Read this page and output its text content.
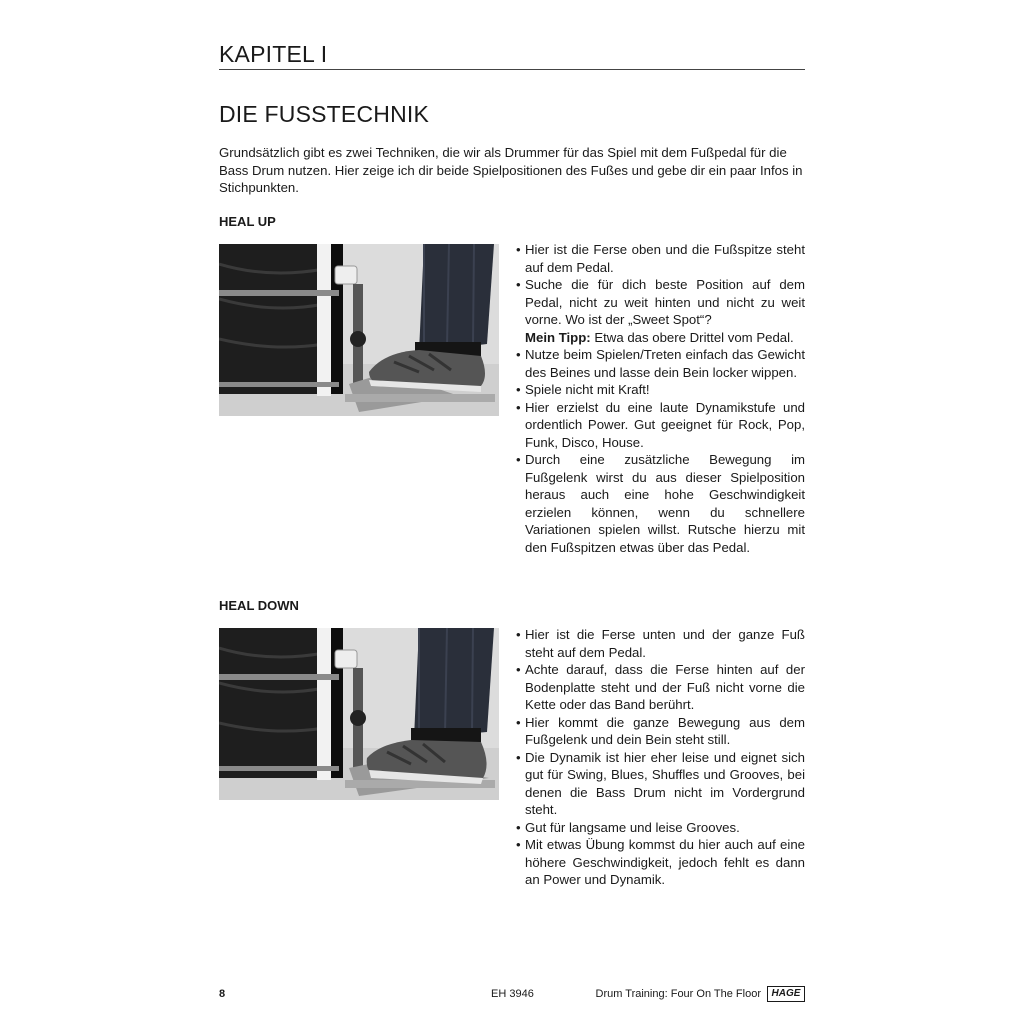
KAPITEL I
DIE FUSSTECHNIK
Grundsätzlich gibt es zwei Techniken, die wir als Drummer für das Spiel mit dem Fußpedal für die Bass Drum nutzen. Hier zeige ich dir beide Spielpositionen des Fußes und gebe dir ein paar Infos in Stichpunkten.
HEAL UP
• Hier ist die Ferse oben und die Fußspitze steht auf dem Pedal.
• Suche die für dich beste Position auf dem Pedal, nicht zu weit hinten und nicht zu weit vorne. Wo ist der „Sweet Spot“?
Mein Tipp: Etwa das obere Drittel vom Pedal.
• Nutze beim Spielen/Treten einfach das Gewicht des Beines und lasse dein Bein locker wippen.
• Spiele nicht mit Kraft!
• Hier erzielst du eine laute Dynamikstufe und ordentlich Power. Gut geeignet für Rock, Pop, Funk, Disco, House.
• Durch eine zusätzliche Bewegung im Fußgelenk wirst du aus dieser Spielposition heraus auch eine hohe Geschwindigkeit erzielen können, wenn du schnellere Variationen spielen willst. Rutsche hierzu mit den Fußspitzen etwas über das Pedal.
HEAL DOWN
• Hier ist die Ferse unten und der ganze Fuß steht auf dem Pedal.
• Achte darauf, dass die Ferse hinten auf der Bodenplatte steht und der Fuß nicht vorne die Kette oder das Band berührt.
• Hier kommt die ganze Bewegung aus dem Fußgelenk und dein Bein steht still.
• Die Dynamik ist hier eher leise und eignet sich gut für Swing, Blues, Shuffles und Grooves, bei denen die Bass Drum nicht im Vordergrund steht.
• Gut für langsame und leise Grooves.
• Mit etwas Übung kommst du hier auch auf eine höhere Geschwindigkeit, jedoch fehlt es dann an Power und Dynamik.
8	EH 3946	Drum Training: Four On The Floor	HAGE
